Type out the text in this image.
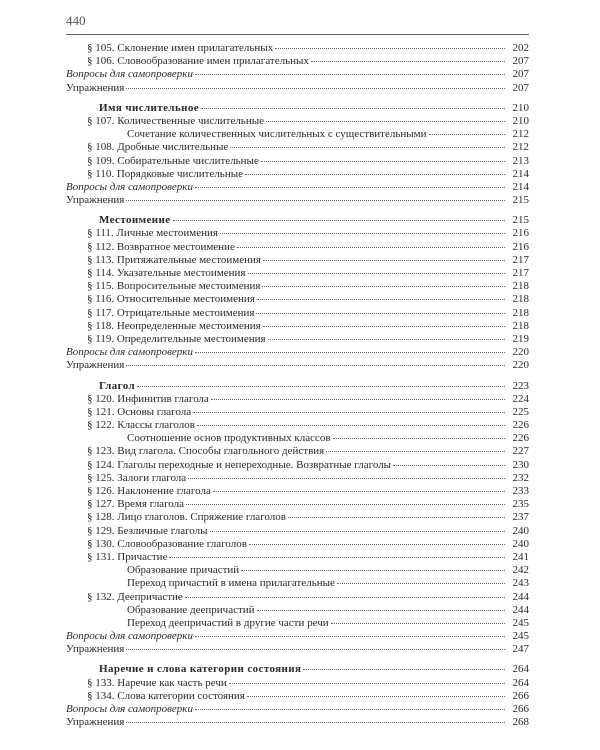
440
§ 105. Склонение имен прилагательных	202
§ 106. Словообразование имен прилагательных	207
Вопросы для самопроверки	207
Упражнения	207
Имя числительное	210
§ 107. Количественные числительные	210
Сочетание количественных числительных с существительными	212
§ 108. Дробные числительные	212
§ 109. Собирательные числительные	213
§ 110. Порядковые числительные	214
Вопросы для самопроверки	214
Упражнения	215
Местоимение	215
§ 111. Личные местоимения	216
§ 112. Возвратное местоимение	216
§ 113. Притяжательные местоимения	217
§ 114. Указательные местоимения	217
§ 115. Вопросительные местоимения	218
§ 116. Относительные местоимения	218
§ 117. Отрицательные местоимения	218
§ 118. Неопределенные местоимения	218
§ 119. Определительные местоимения	219
Вопросы для самопроверки	220
Упражнения	220
Глагол	223
§ 120. Инфинитив глагола	224
§ 121. Основы глагола	225
§ 122. Классы глаголов	226
Соотношение основ продуктивных классов	226
§ 123. Вид глагола. Способы глагольного действия	227
§ 124. Глаголы переходные и непереходные. Возвратные глаголы	230
§ 125. Залоги глагола	232
§ 126. Наклонение глагола	233
§ 127. Время глагола	235
§ 128. Лицо глаголов. Спряжение глаголов	237
§ 129. Безличные глаголы	240
§ 130. Словообразование глаголов	240
§ 131. Причастие	241
Образование причастий	242
Переход причастий в имена прилагательные	243
§ 132. Деепричастие	244
Образование деепричастий	244
Переход деепричастий в другие части речи	245
Вопросы для самопроверки	245
Упражнения	247
Наречие и слова категории состояния	264
§ 133. Наречие как часть речи	264
§ 134. Слова категории состояния	266
Вопросы для самопроверки	266
Упражнения	268
